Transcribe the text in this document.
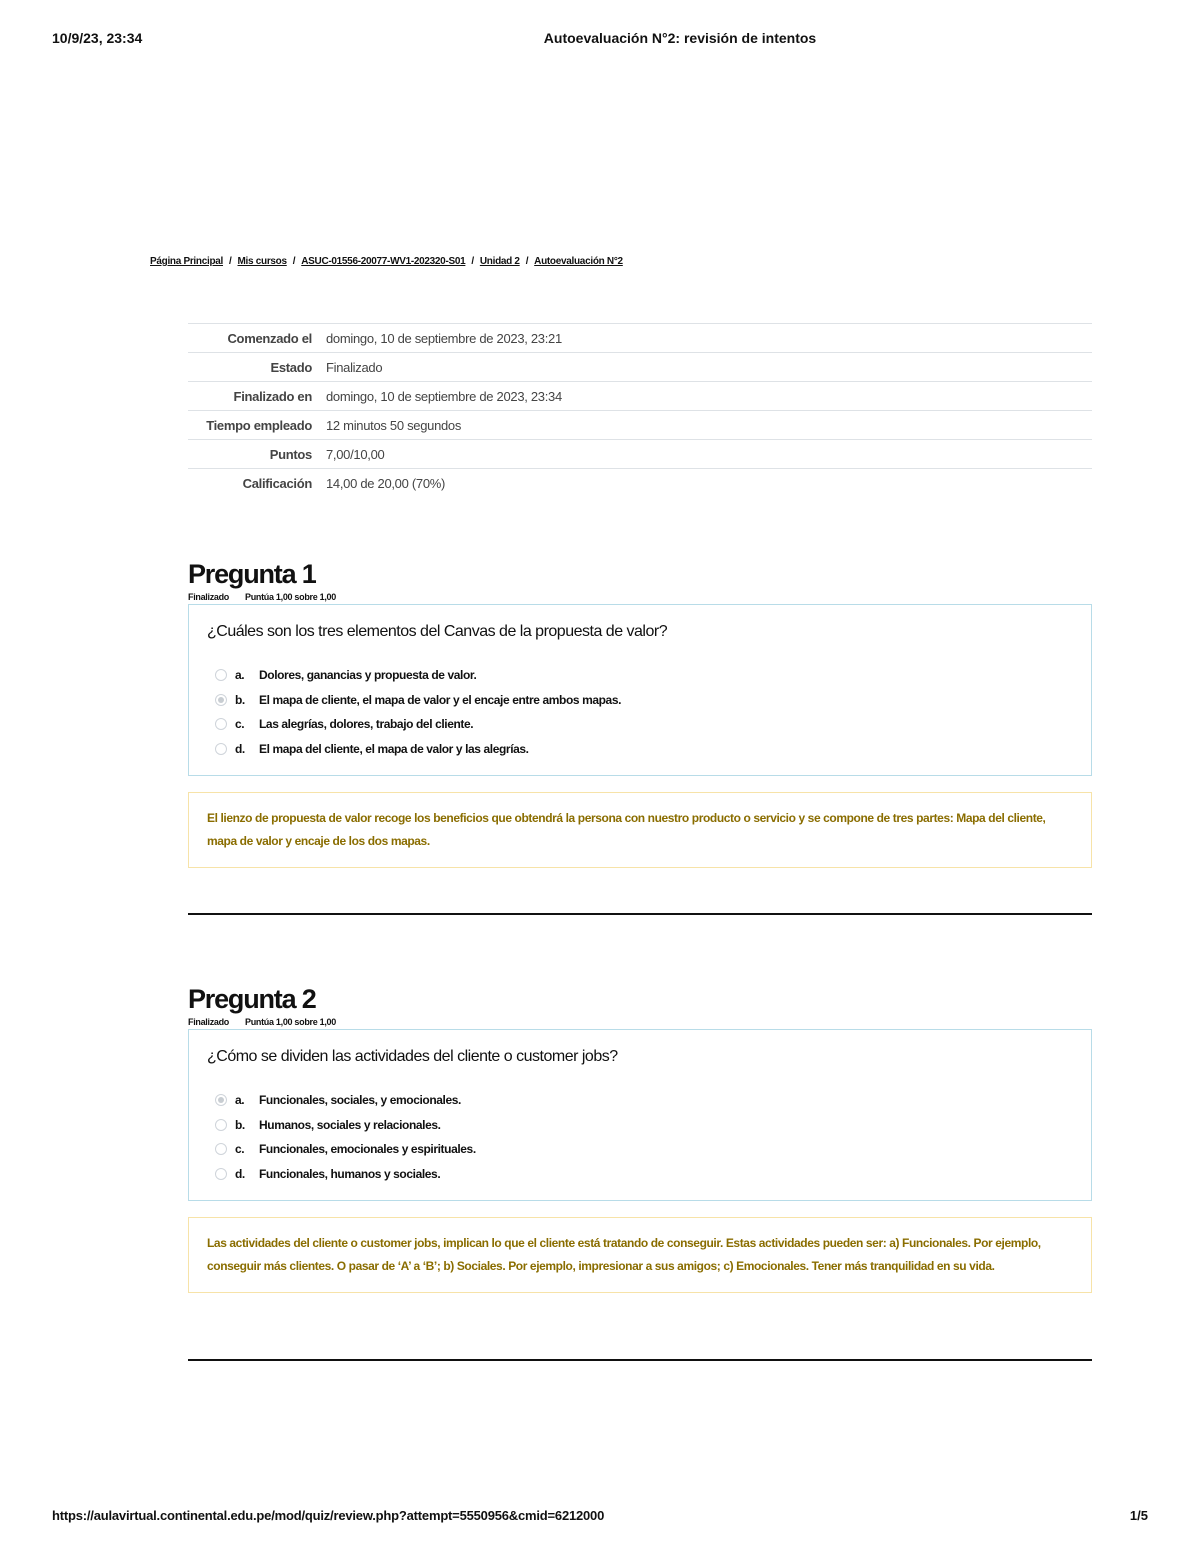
10/9/23, 23:34	Autoevaluación N°2: revisión de intentos
Página Principal / Mis cursos / ASUC-01556-20077-WV1-202320-S01 / Unidad 2 / Autoevaluación N°2
Comenzado el	domingo, 10 de septiembre de 2023, 23:21
Estado	Finalizado
Finalizado en	domingo, 10 de septiembre de 2023, 23:34
Tiempo empleado	12 minutos 50 segundos
Puntos	7,00/10,00
Calificación	14,00 de 20,00 (70%)
Pregunta 1
Finalizado Puntúa 1,00 sobre 1,00

¿Cuáles son los tres elementos del Canvas de la propuesta de valor?

a.	Dolores, ganancias y propuesta de valor.
b.	El mapa de cliente, el mapa de valor y el encaje entre ambos mapas.
c.	Las alegrías, dolores, trabajo del cliente.
d.	El mapa del cliente, el mapa de valor y las alegrías.
El lienzo de propuesta de valor recoge los beneficios que obtendrá la persona con nuestro producto o servicio y se compone de tres partes: Mapa del cliente, mapa de valor y encaje de los dos mapas.
Pregunta 2
Finalizado Puntúa 1,00 sobre 1,00

¿Cómo se dividen las actividades del cliente o customer jobs?

a.	Funcionales, sociales, y emocionales.
b.	Humanos, sociales y relacionales.
c.	Funcionales, emocionales y espirituales.
d.	Funcionales, humanos y sociales.
Las actividades del cliente o customer jobs, implican lo que el cliente está tratando de conseguir. Estas actividades pueden ser: a) Funcionales. Por ejemplo, conseguir más clientes. O pasar de ‘A’ a ‘B’; b) Sociales. Por ejemplo, impresionar a sus amigos; c) Emocionales. Tener más tranquilidad en su vida.
https://aulavirtual.continental.edu.pe/mod/quiz/review.php?attempt=5550956&cmid=6212000	1/5
